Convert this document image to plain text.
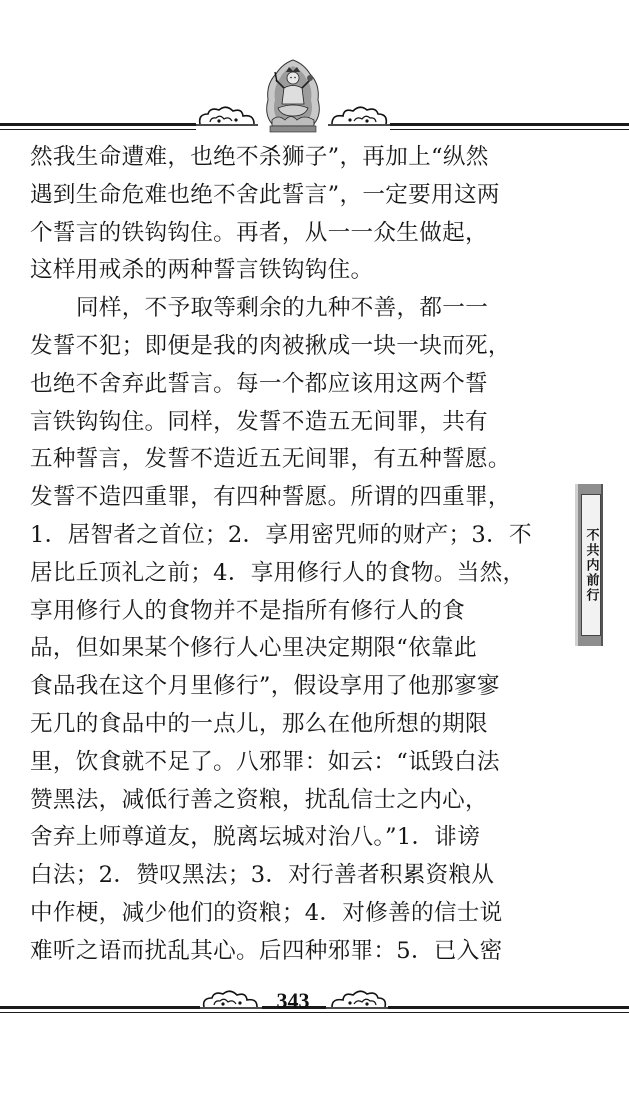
然我生命遭难，也绝不杀狮子”，再加上“纵然
遇到生命危难也绝不舍此誓言”，一定要用这两
个誓言的铁钩钩住。再者，从一一众生做起，
这样用戒杀的两种誓言铁钩钩住。
同样，不予取等剩余的九种不善，都一一
发誓不犯；即便是我的肉被揪成一块一块而死，
也绝不舍弃此誓言。每一个都应该用这两个誓
言铁钩钩住。同样，发誓不造五无间罪，共有
五种誓言，发誓不造近五无间罪，有五种誓愿。
发誓不造四重罪，有四种誓愿。所谓的四重罪，
1．居智者之首位；2．享用密咒师的财产；3．不
居比丘顶礼之前；4．享用修行人的食物。当然，
享用修行人的食物并不是指所有修行人的食
品，但如果某个修行人心里决定期限“依靠此
食品我在这个月里修行”，假设享用了他那寥寥
无几的食品中的一点儿，那么在他所想的期限
里，饮食就不足了。八邪罪：如云：“诋毁白法
赞黑法，减低行善之资粮，扰乱信士之内心，
舍弃上师尊道友，脱离坛城对治八。”1．诽谤
白法；2．赞叹黑法；3．对行善者积累资粮从
中作梗，减少他们的资粮；4．对修善的信士说
难听之语而扰乱其心。后四种邪罪：5．已入密
不共内前行
343
